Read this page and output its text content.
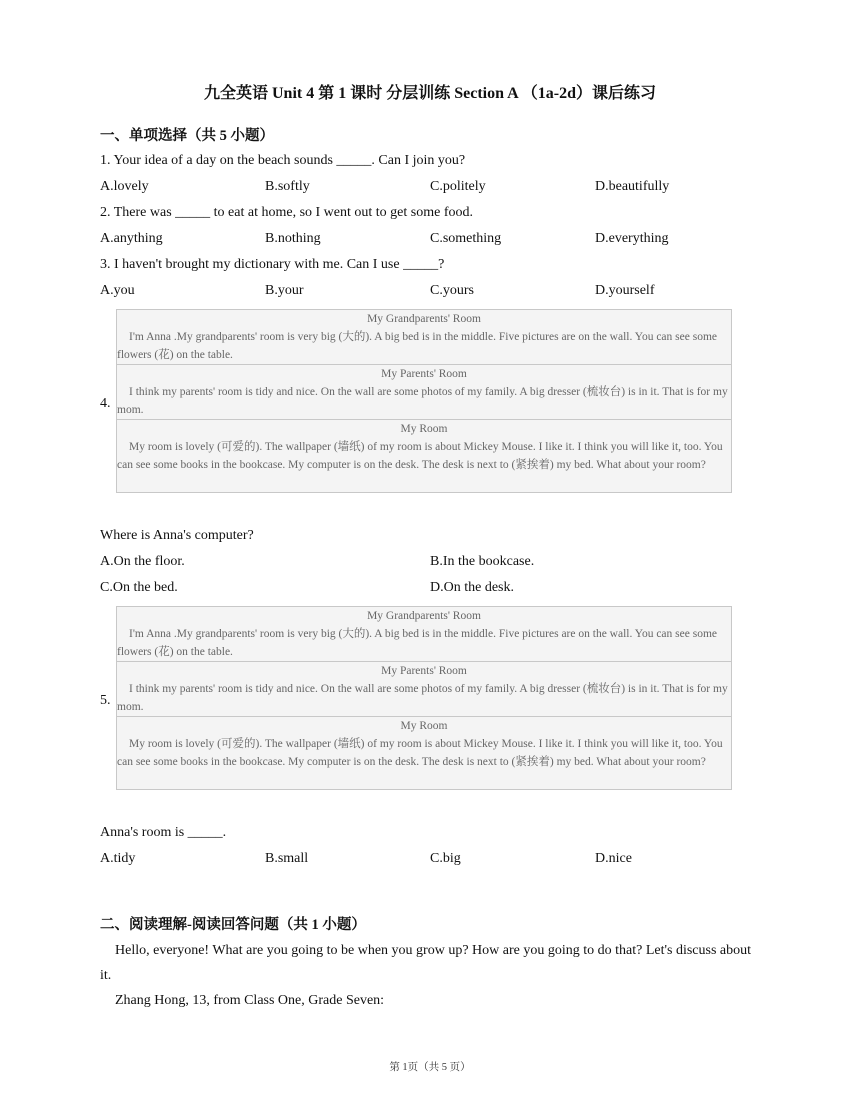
九全英语 Unit 4 第 1 课时 分层训练 Section A （1a-2d）课后练习
一、单项选择（共 5 小题）
1. Your idea of a day on the beach sounds _____. Can I join you?
A.lovely	B.softly	C.politely	D.beautifully
2. There was _____ to eat at home, so I went out to get some food.
A.anything	B.nothing	C.something	D.everything
3. I haven't brought my dictionary with me. Can I use _____?
A.you	B.your	C.yours	D.yourself
4.
My Grandparents' Room
I'm Anna .My grandparents' room is very big (大的). A big bed is in the middle. Five pictures are on the wall. You can see some flowers (花) on the table.
My Parents' Room
I think my parents' room is tidy and nice. On the wall are some photos of my family. A big dresser (梳妆台) is in it. That is for my mom.
My Room
My room is lovely (可爱的). The wallpaper (墙纸) of my room is about Mickey Mouse. I like it. I think you will like it, too. You can see some books in the bookcase. My computer is on the desk. The desk is next to (紧挨着) my bed. What about your room?
Where is Anna's computer?
A.On the floor.	B.In the bookcase.
C.On the bed.	D.On the desk.
5.
My Grandparents' Room
I'm Anna .My grandparents' room is very big (大的). A big bed is in the middle. Five pictures are on the wall. You can see some flowers (花) on the table.
My Parents' Room
I think my parents' room is tidy and nice. On the wall are some photos of my family. A big dresser (梳妆台) is in it. That is for my mom.
My Room
My room is lovely (可爱的). The wallpaper (墙纸) of my room is about Mickey Mouse. I like it. I think you will like it, too. You can see some books in the bookcase. My computer is on the desk. The desk is next to (紧挨着) my bed. What about your room?
Anna's room is _____.
A.tidy	B.small	C.big	D.nice
二、阅读理解-阅读回答问题（共 1 小题）
Hello, everyone! What are you going to be when you grow up? How are you going to do that? Let's discuss about it.
Zhang Hong, 13, from Class One, Grade Seven:
第 1页（共 5 页）
